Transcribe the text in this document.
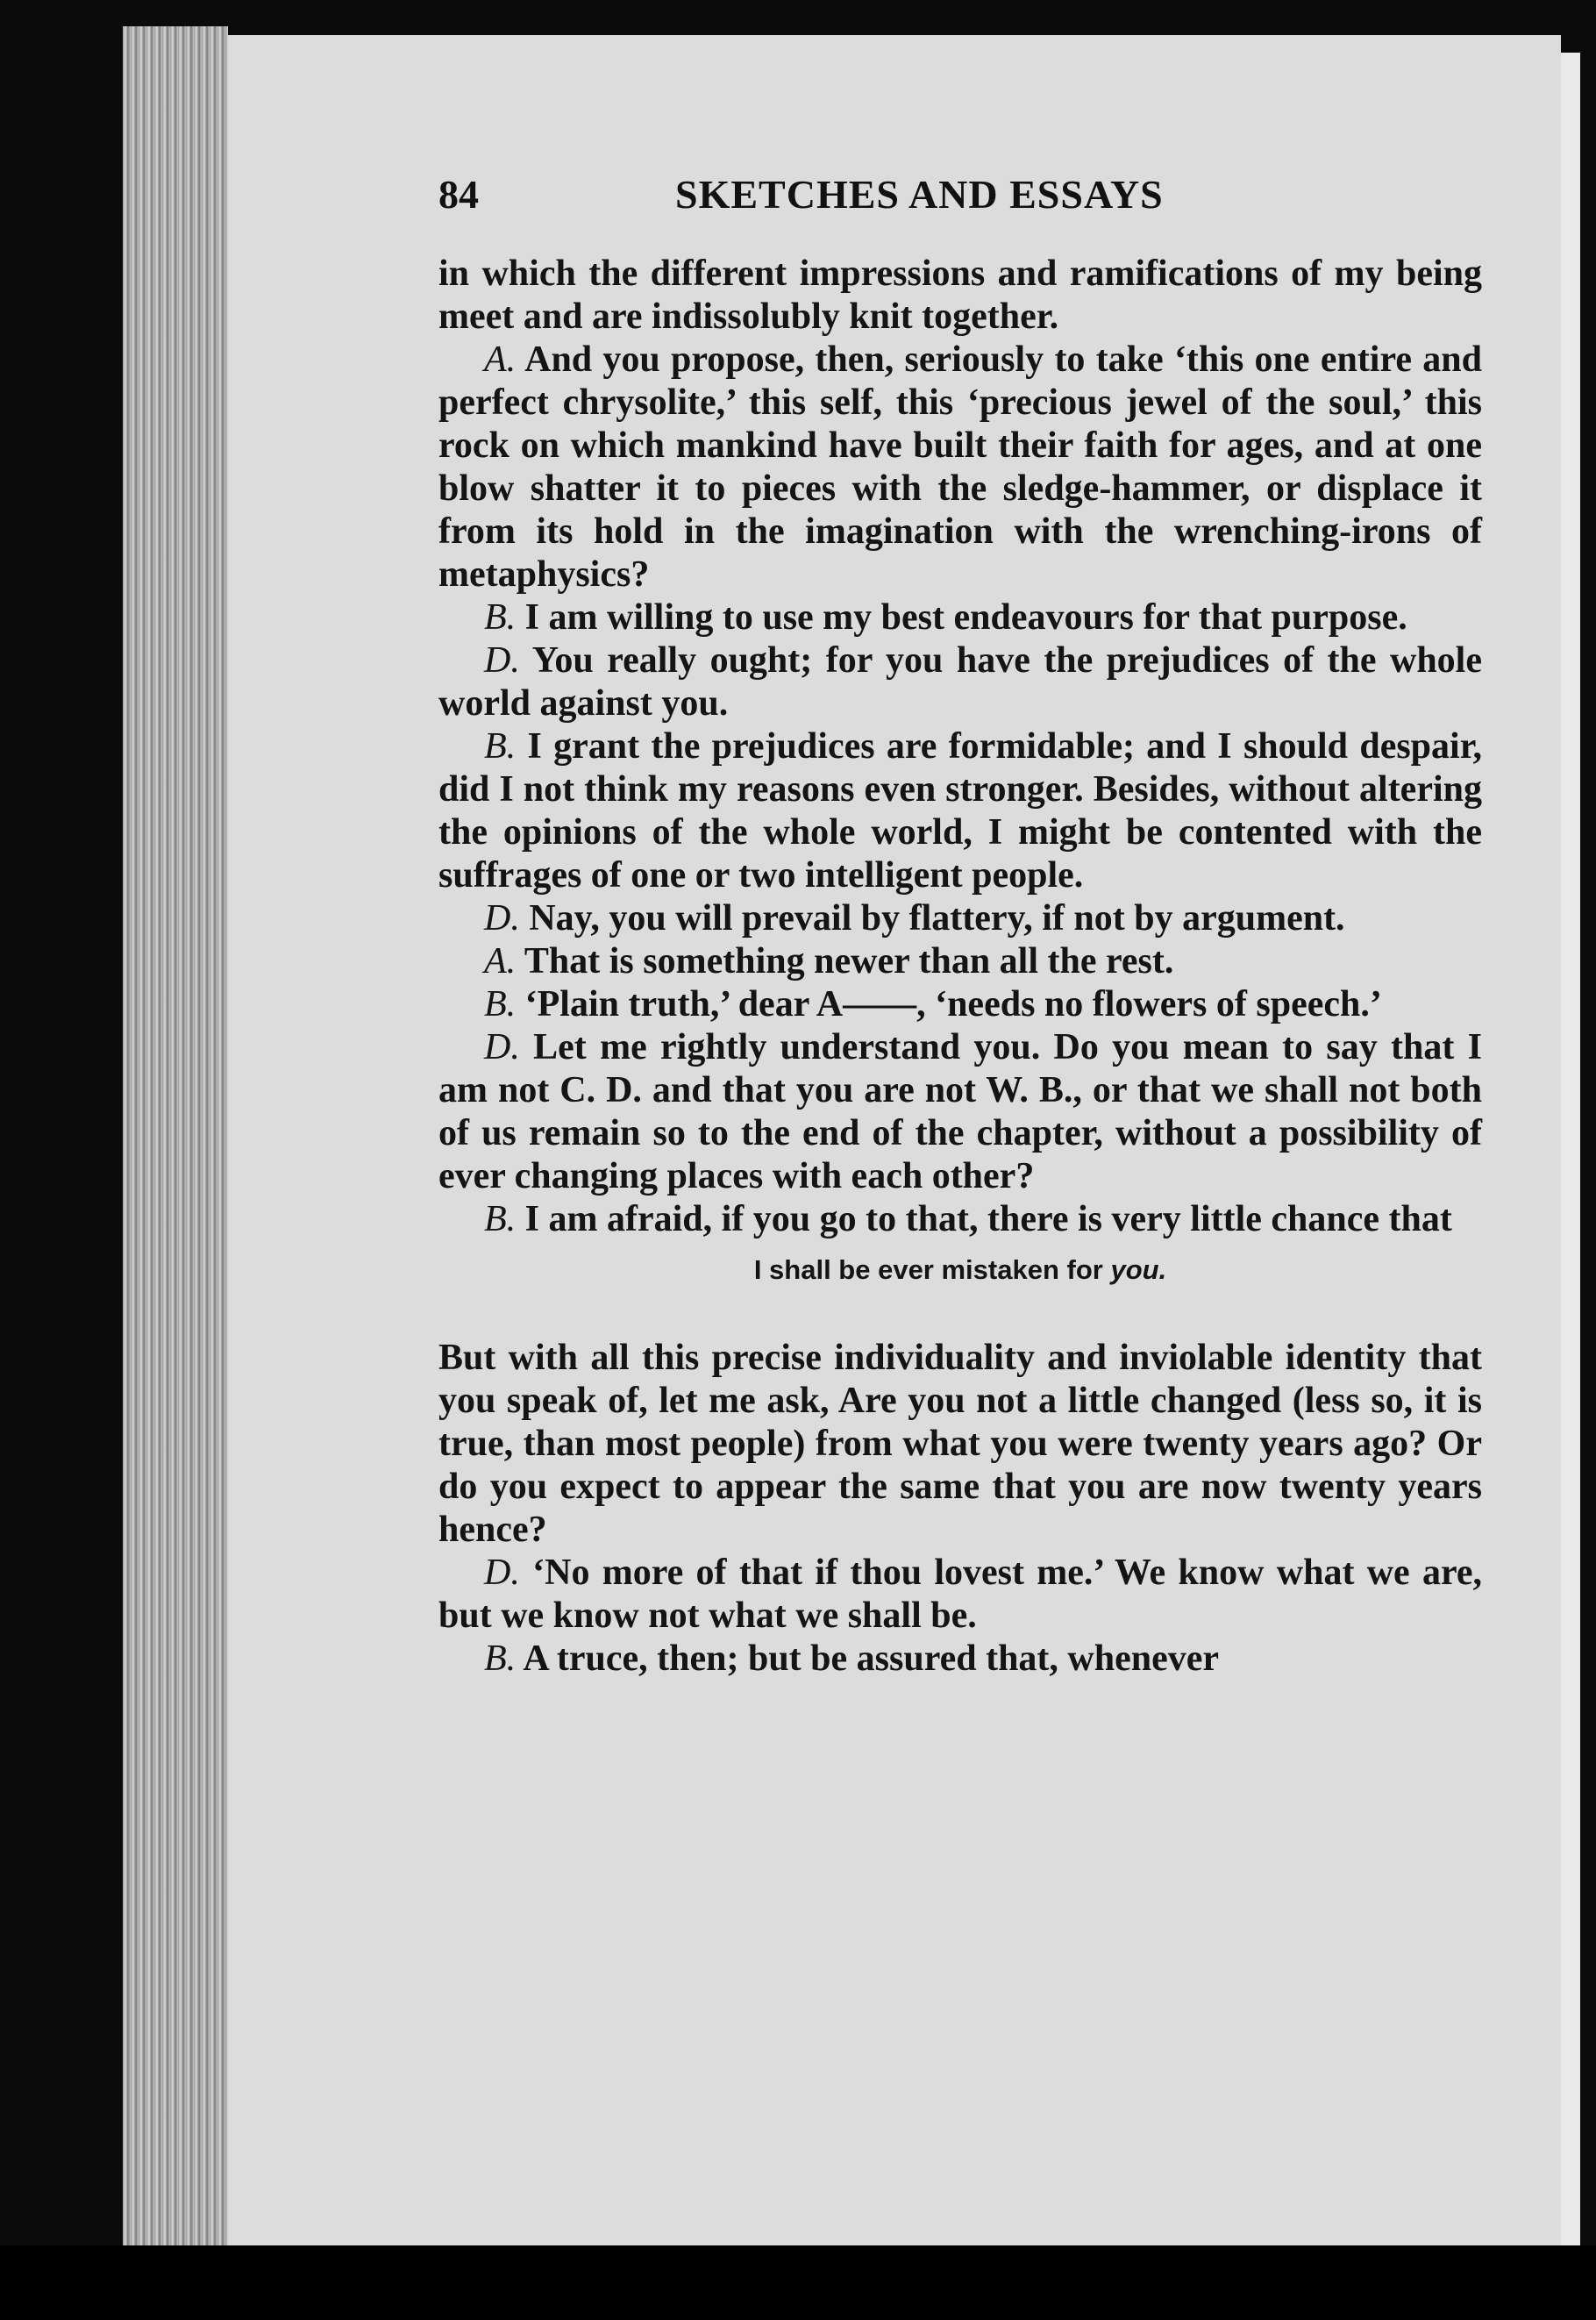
84	SKETCHES AND ESSAYS

in which the different impressions and ramifications of my being meet and are indissolubly knit together.

A. And you propose, then, seriously to take ‘this one entire and perfect chrysolite,’ this self, this ‘precious jewel of the soul,’ this rock on which mankind have built their faith for ages, and at one blow shatter it to pieces with the sledge-hammer, or displace it from its hold in the imagination with the wrenching-irons of metaphysics?

B. I am willing to use my best endeavours for that purpose.

D. You really ought; for you have the prejudices of the whole world against you.

B. I grant the prejudices are formidable; and I should despair, did I not think my reasons even stronger. Besides, without altering the opinions of the whole world, I might be contented with the suffrages of one or two intelligent people.

D. Nay, you will prevail by flattery, if not by argument.

A. That is something newer than all the rest.

B. ‘Plain truth,’ dear A——, ‘needs no flowers of speech.’

D. Let me rightly understand you. Do you mean to say that I am not C. D. and that you are not W. B., or that we shall not both of us remain so to the end of the chapter, without a possibility of ever changing places with each other?

B. I am afraid, if you go to that, there is very little chance that

I shall be ever mistaken for you.

But with all this precise individuality and inviolable identity that you speak of, let me ask, Are you not a little changed (less so, it is true, than most people) from what you were twenty years ago? Or do you expect to appear the same that you are now twenty years hence?

D. ‘No more of that if thou lovest me.’ We know what we are, but we know not what we shall be.

B. A truce, then; but be assured that, whenever
